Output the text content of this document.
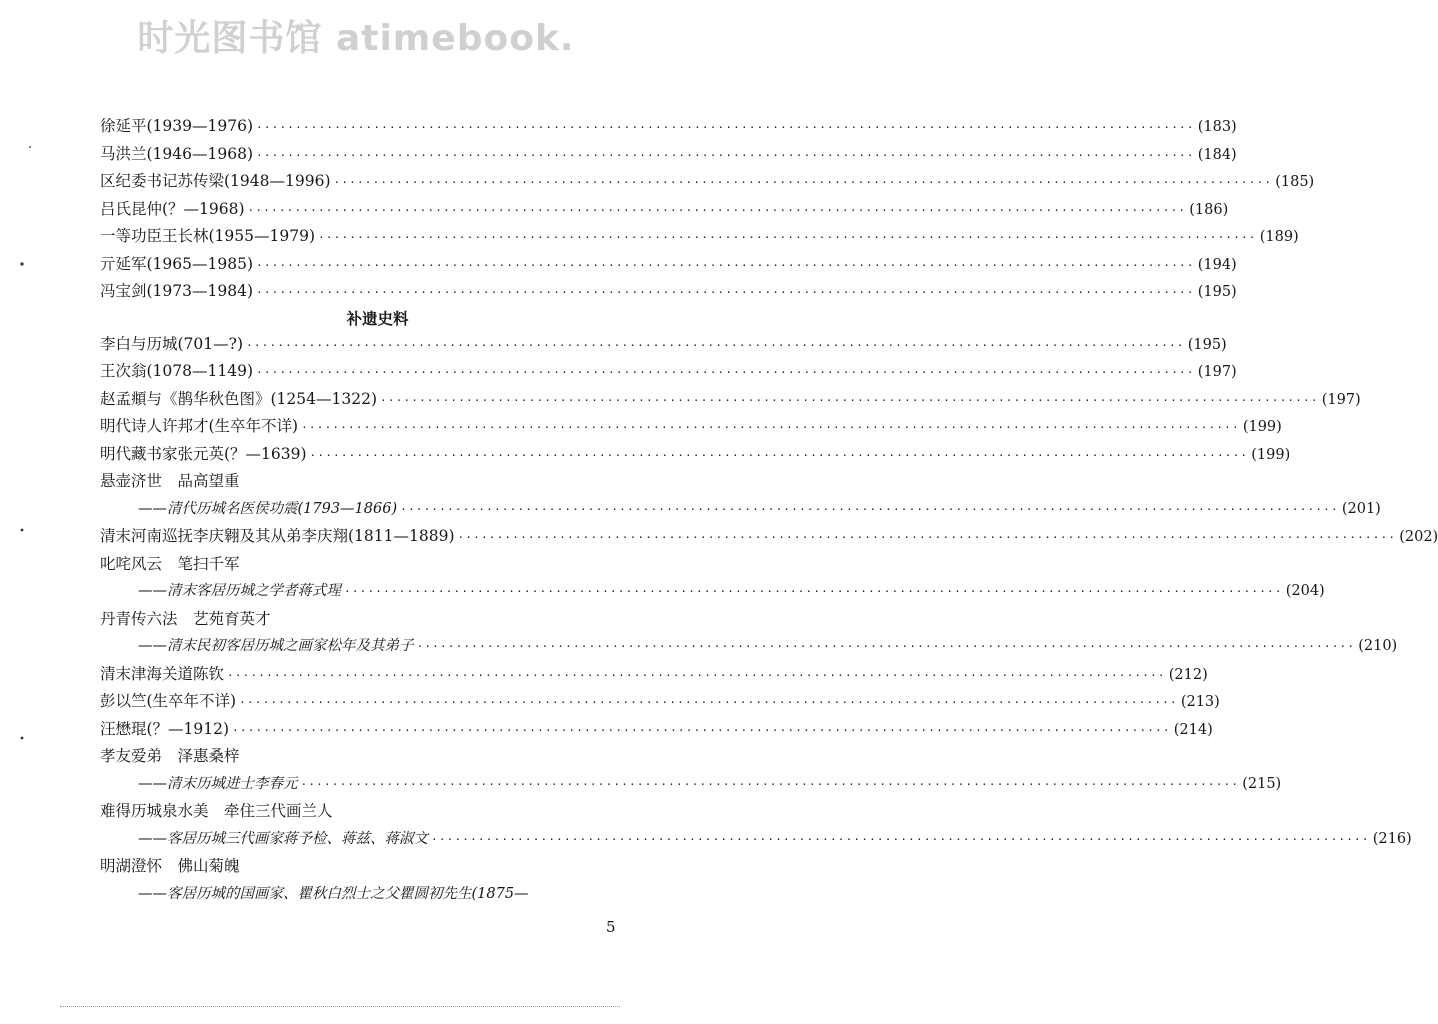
时光图书馆 atimebook.
徐延平(1939—1976) ························································································································ (183)
马洪兰(1946—1968) ························································································································ (184)
区纪委书记苏传梁(1948—1996) ························································································································ (185)
吕氏昆仲(？—1968) ························································································································ (186)
一等功臣王长林(1955—1979) ························································································································ (189)
亓延军(1965—1985) ························································································································ (194)
冯宝剑(1973—1984) ························································································································ (195)
补遗史料
李白与历城(701—?) ························································································································ (195)
王次翁(1078—1149) ························································································································ (197)
赵孟頫与《鹊华秋色图》(1254—1322) ························································································································ (197)
明代诗人许邦才(生卒年不详) ························································································································ (199)
明代藏书家张元英(？—1639) ························································································································ (199)
悬壶济世　品高望重
——清代历城名医侯功震(1793—1866) ························································································································ (201)
清末河南巡抚李庆翱及其从弟李庆翔(1811—1889) ························································································································ (202)
叱咤风云　笔扫千军
——清末客居历城之学者蒋式瑆 ························································································································ (204)
丹青传六法　艺苑育英才
——清末民初客居历城之画家松年及其弟子 ························································································································ (210)
清末津海关道陈钦 ························································································································ (212)
彭以竺(生卒年不详) ························································································································ (213)
汪懋琨(？—1912) ························································································································ (214)
孝友爱弟　泽惠桑梓
——清末历城进士李春元 ························································································································ (215)
难得历城泉水美　牵住三代画兰人
——客居历城三代画家蒋予检、蒋兹、蒋淑文 ························································································································ (216)
明湖澄怀　佛山菊魄
——客居历城的国画家、瞿秋白烈士之父瞿圆初先生(1875—
5
